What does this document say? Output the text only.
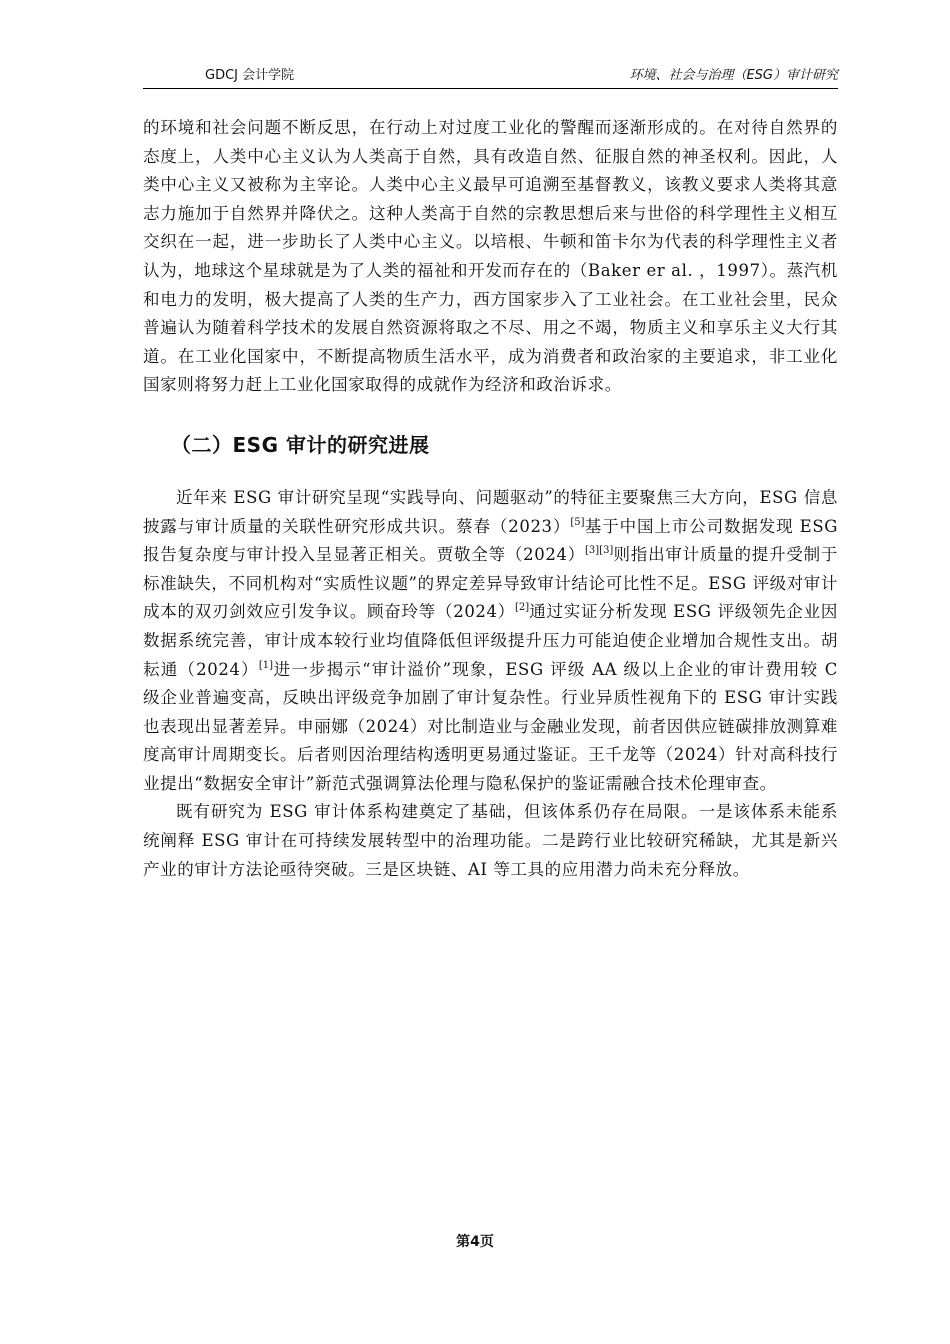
GDCJ 会计学院	环境、社会与治理（ESG）审计研究

的环境和社会问题不断反思，在行动上对过度工业化的警醒而逐渐形成的。在对待自然界的态度上，人类中心主义认为人类高于自然，具有改造自然、征服自然的神圣权利。因此，人类中心主义又被称为主宰论。人类中心主义最早可追溯至基督教义，该教义要求人类将其意志力施加于自然界并降伏之。这种人类高于自然的宗教思想后来与世俗的科学理性主义相互交织在一起，进一步助长了人类中心主义。以培根、牛顿和笛卡尔为代表的科学理性主义者认为，地球这个星球就是为了人类的福祉和开发而存在的（Baker er al. ，1997）。蒸汽机和电力的发明，极大提高了人类的生产力，西方国家步入了工业社会。在工业社会里，民众普遍认为随着科学技术的发展自然资源将取之不尽、用之不竭，物质主义和享乐主义大行其道。在工业化国家中，不断提高物质生活水平，成为消费者和政治家的主要追求，非工业化国家则将努力赶上工业化国家取得的成就作为经济和政治诉求。

（二）ESG 审计的研究进展

近年来 ESG 审计研究呈现“实践导向、问题驱动”的特征主要聚焦三大方向，ESG 信息披露与审计质量的关联性研究形成共识。蔡春（2023）[5]基于中国上市公司数据发现 ESG 报告复杂度与审计投入呈显著正相关。贾敬全等（2024）[3][3]则指出审计质量的提升受制于标准缺失，不同机构对“实质性议题”的界定差异导致审计结论可比性不足。ESG 评级对审计成本的双刃剑效应引发争议。顾奋玲等（2024）[2]通过实证分析发现 ESG 评级领先企业因数据系统完善，审计成本较行业均值降低但评级提升压力可能迫使企业增加合规性支出。胡耘通（2024）[1]进一步揭示“审计溢价”现象，ESG 评级 AA 级以上企业的审计费用较 C 级企业普遍变高，反映出评级竞争加剧了审计复杂性。行业异质性视角下的 ESG 审计实践也表现出显著差异。申丽娜（2024）对比制造业与金融业发现，前者因供应链碳排放测算难度高审计周期变长。后者则因治理结构透明更易通过鉴证。王千龙等（2024）针对高科技行业提出“数据安全审计”新范式强调算法伦理与隐私保护的鉴证需融合技术伦理审查。

既有研究为 ESG 审计体系构建奠定了基础，但该体系仍存在局限。一是该体系未能系统阐释 ESG 审计在可持续发展转型中的治理功能。二是跨行业比较研究稀缺，尤其是新兴产业的审计方法论亟待突破。三是区块链、AI 等工具的应用潜力尚未充分释放。

第4页
